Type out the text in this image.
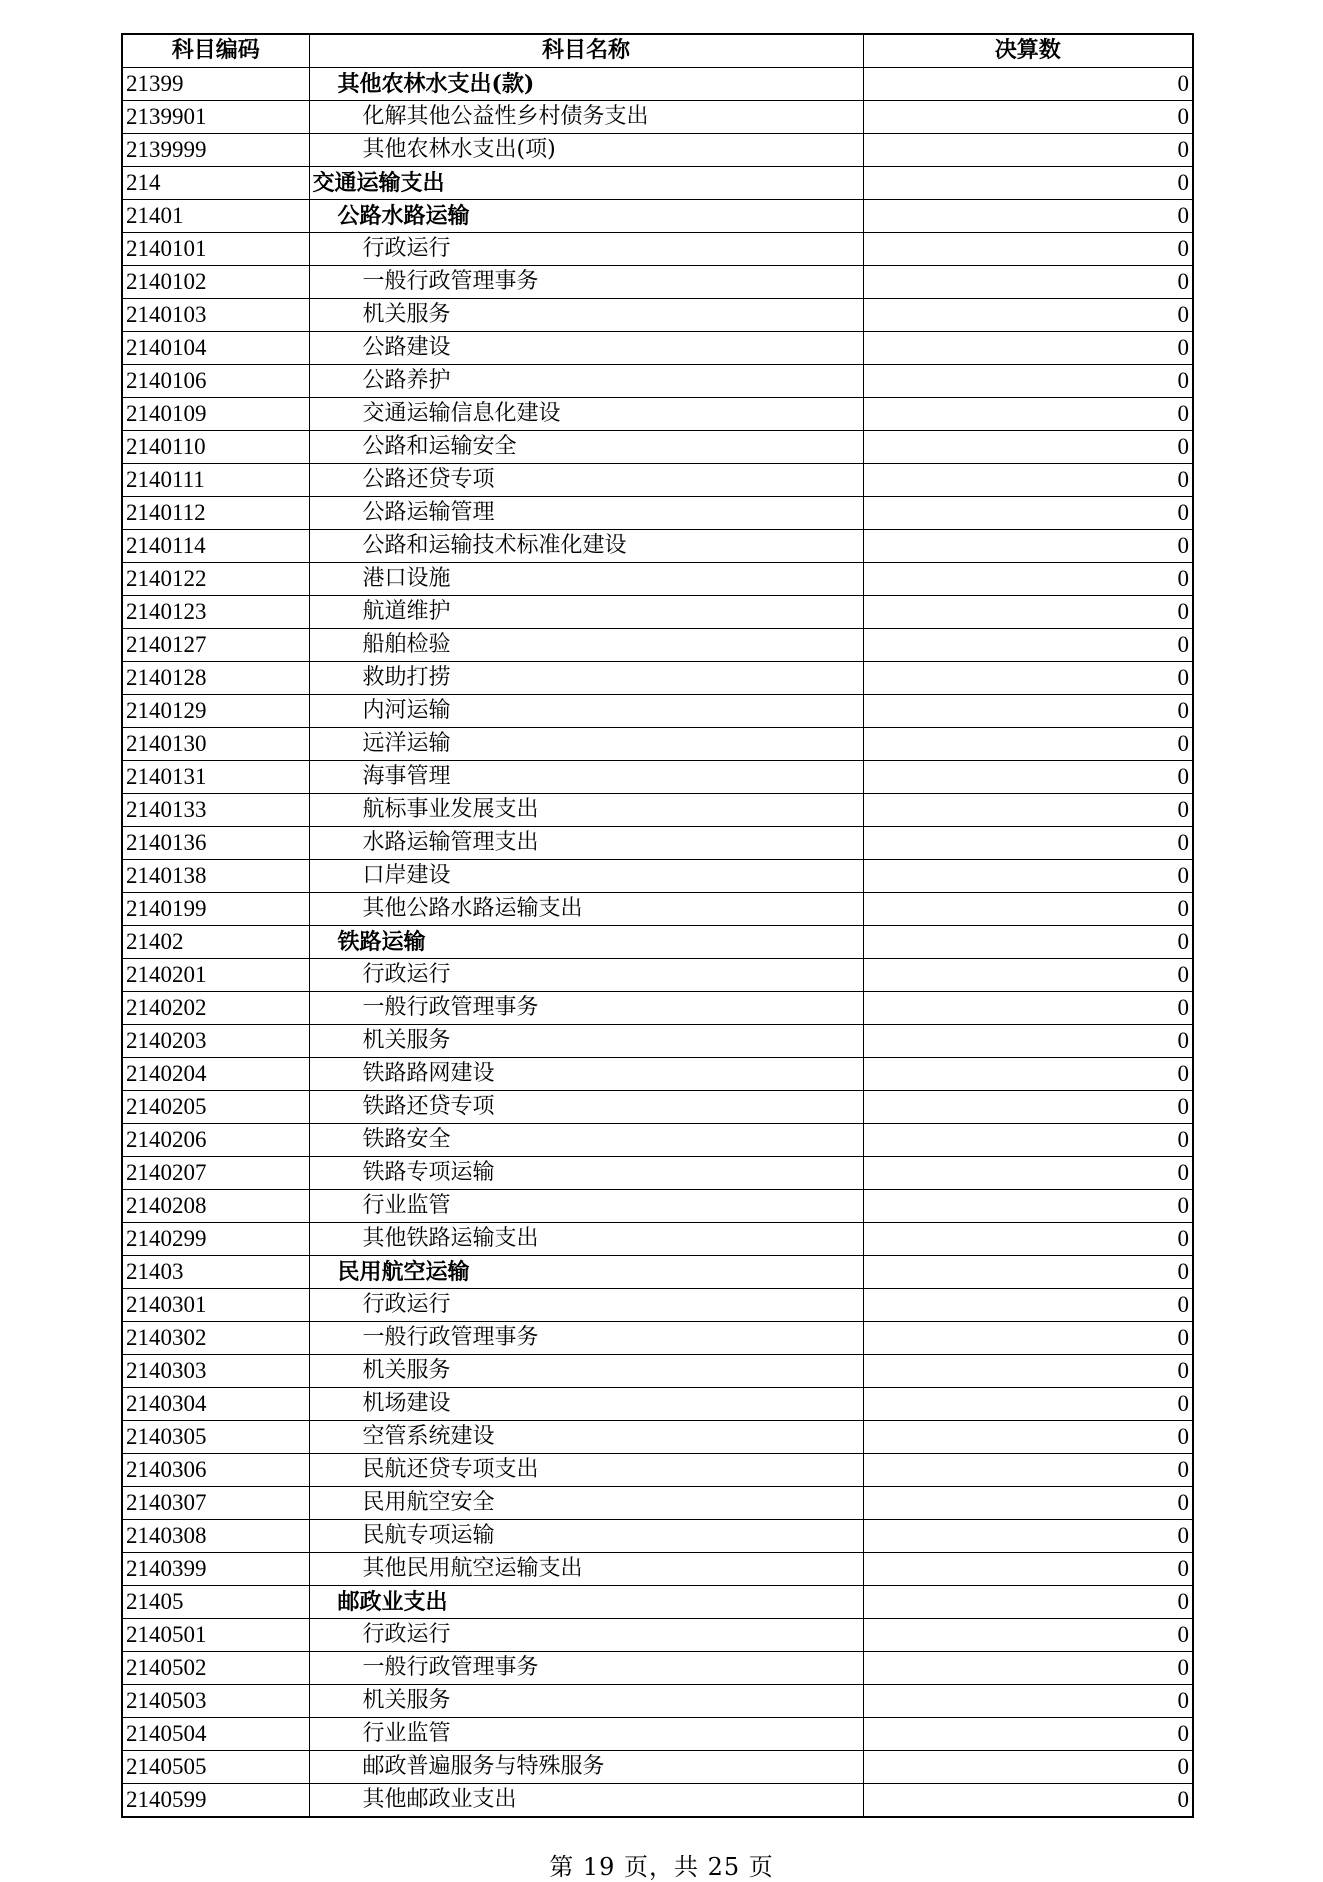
科目编码	科目名称	决算数
21399	其他农林水支出(款)	0
2139901	化解其他公益性乡村债务支出	0
2139999	其他农林水支出(项)	0
214	交通运输支出	0
21401	公路水路运输	0
2140101	行政运行	0
2140102	一般行政管理事务	0
2140103	机关服务	0
2140104	公路建设	0
2140106	公路养护	0
2140109	交通运输信息化建设	0
2140110	公路和运输安全	0
2140111	公路还贷专项	0
2140112	公路运输管理	0
2140114	公路和运输技术标准化建设	0
2140122	港口设施	0
2140123	航道维护	0
2140127	船舶检验	0
2140128	救助打捞	0
2140129	内河运输	0
2140130	远洋运输	0
2140131	海事管理	0
2140133	航标事业发展支出	0
2140136	水路运输管理支出	0
2140138	口岸建设	0
2140199	其他公路水路运输支出	0
21402	铁路运输	0
2140201	行政运行	0
2140202	一般行政管理事务	0
2140203	机关服务	0
2140204	铁路路网建设	0
2140205	铁路还贷专项	0
2140206	铁路安全	0
2140207	铁路专项运输	0
2140208	行业监管	0
2140299	其他铁路运输支出	0
21403	民用航空运输	0
2140301	行政运行	0
2140302	一般行政管理事务	0
2140303	机关服务	0
2140304	机场建设	0
2140305	空管系统建设	0
2140306	民航还贷专项支出	0
2140307	民用航空安全	0
2140308	民航专项运输	0
2140399	其他民用航空运输支出	0
21405	邮政业支出	0
2140501	行政运行	0
2140502	一般行政管理事务	0
2140503	机关服务	0
2140504	行业监管	0
2140505	邮政普遍服务与特殊服务	0
2140599	其他邮政业支出	0
第 19 页，共 25 页
